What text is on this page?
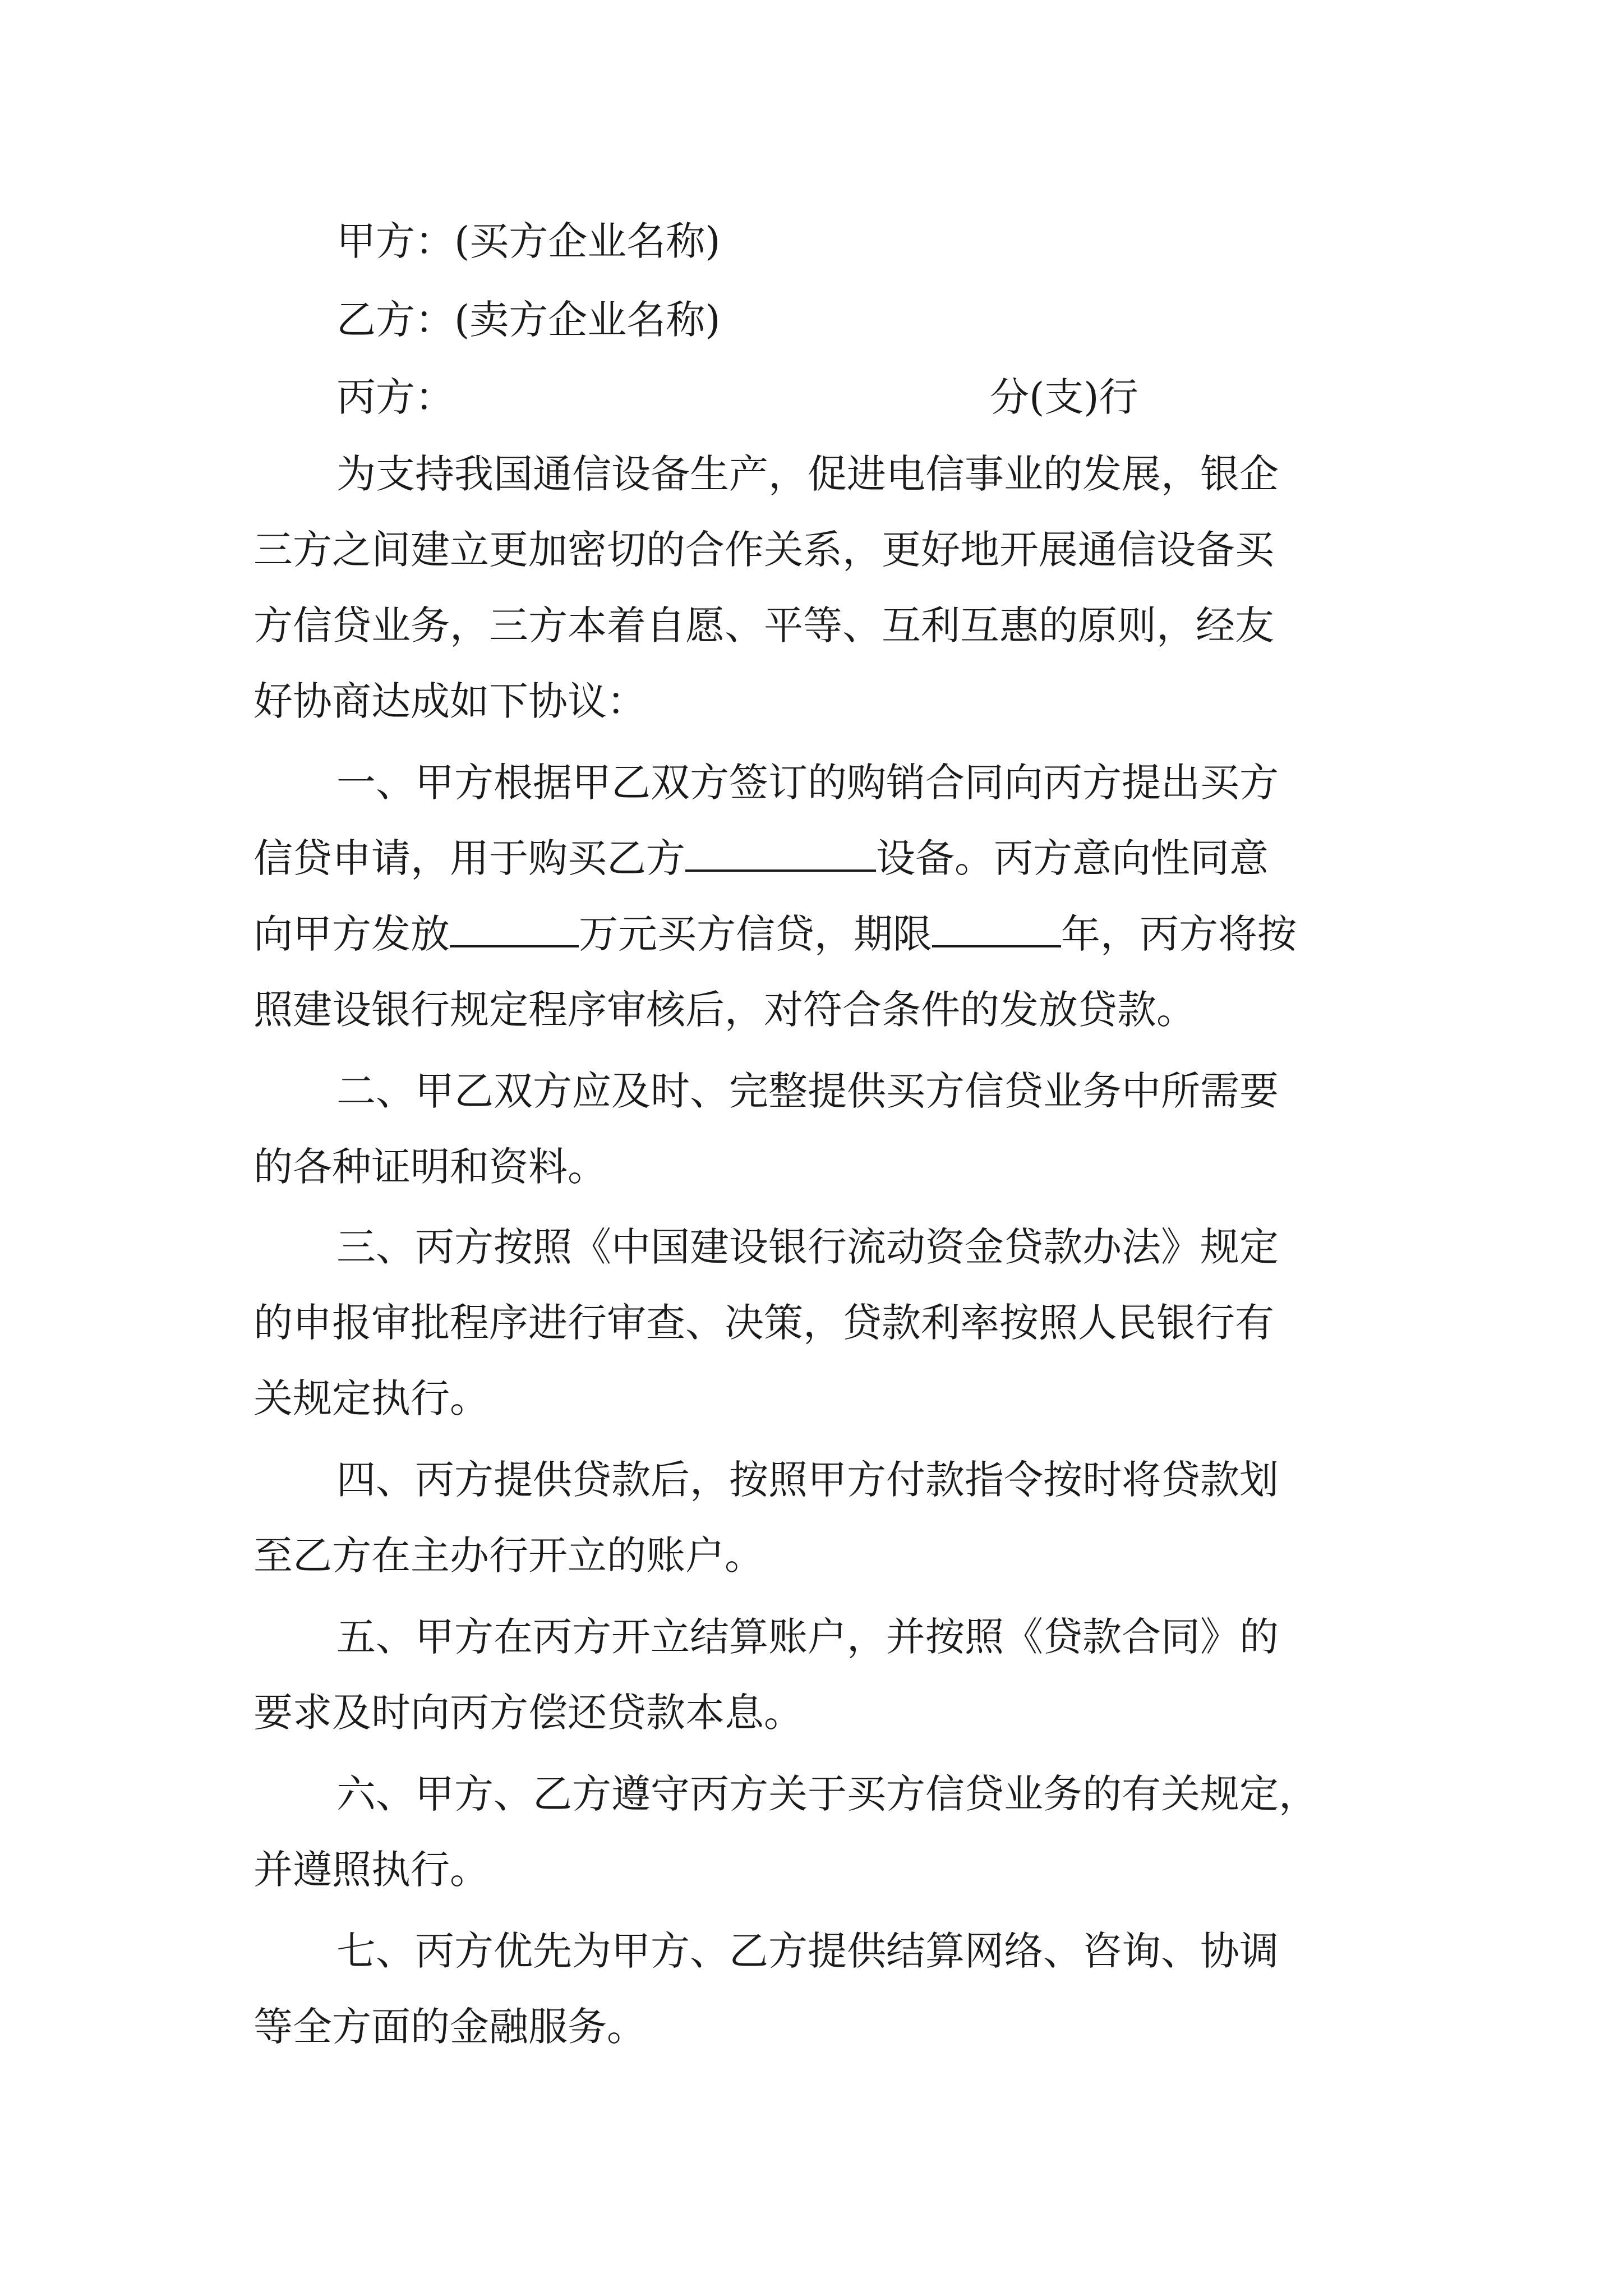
甲方：(买方企业名称)
乙方：(卖方企业名称)
丙方：	分(支)行
为支持我国通信设备生产，促进电信事业的发展，银企
三方之间建立更加密切的合作关系，更好地开展通信设备买
方信贷业务，三方本着自愿、平等、互利互惠的原则，经友
好协商达成如下协议：
一、甲方根据甲乙双方签订的购销合同向丙方提出买方
信贷申请，用于购买乙方	设备。丙方意向性同意
向甲方发放	万元买方信贷，期限	年，丙方将按
照建设银行规定程序审核后，对符合条件的发放贷款。
二、甲乙双方应及时、完整提供买方信贷业务中所需要
的各种证明和资料。
三、丙方按照《中国建设银行流动资金贷款办法》规定
的申报审批程序进行审查、决策，贷款利率按照人民银行有
关规定执行。
四、丙方提供贷款后，按照甲方付款指令按时将贷款划
至乙方在主办行开立的账户。
五、甲方在丙方开立结算账户，并按照《贷款合同》的
要求及时向丙方偿还贷款本息。
六、甲方、乙方遵守丙方关于买方信贷业务的有关规定，
并遵照执行。
七、丙方优先为甲方、乙方提供结算网络、咨询、协调
等全方面的金融服务。
